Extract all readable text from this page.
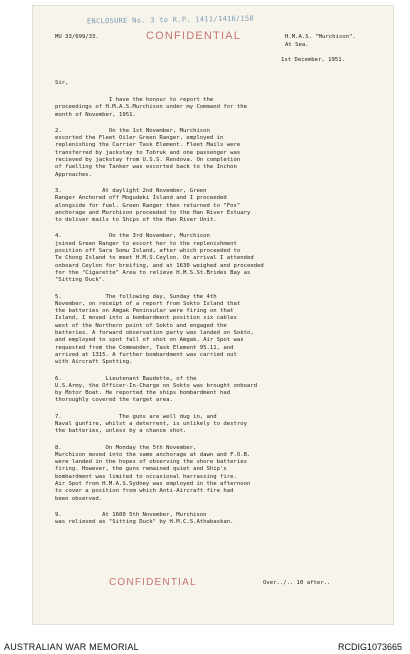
ENCLOSURE No. 3 to R.P. 1411/1416/158
MU 33/699/33.	CONFIDENTIAL	H.M.A.S. "Murchison".
At Sea.
1st December, 1951.
Sir,

I have the honour to report the
proceedings of H.M.A.S.Murchison under my Command for the
month of November, 1951.

2.              On the 1st November, Murchison
escorted the Fleet Oiler Green Ranger, employed in
replenishing the Carrier Task Element. Fleet Mails were
transferred by jackstay to Tobruk and one passenger was
recieved by jackstay from U.S.S. Rendova. On completion
of fuelling the Tanker was escorted back to the Inchon
Approaches.

3.            At daylight 2nd November, Green
Ranger Anchored off Mogudeki Island and I proceeded
alongside for fuel. Green Ranger then returned to "Fox"
anchorage and Murchison proceeded to the Han River Estuary
to deliver mails to Ships of the Han River Unit.

4.              On the 3rd November, Murchison
joined Green Ranger to escort her to the replenishment
position off Sara Somu Island, after which proceeded to
Te Chong Island to meet H.M.S.Ceylon. On arrival I attended
onboard Ceylon for breifing, and at 1630 weighed and proceeded
for the "Cigarette" Area to relieve H.M.S.St.Brides Bay as
"Sitting Duck".

5.             The following day, Sunday the 4th
November, on receipt of a report from Sokto Island that
the batteries on Amgak Peninsular were firing on that
Island, I moved into a bombardment position six cables
west of the Northern point of Sokto and engaged the
batteries. A forward observation party was landed on Sokto,
and employed to spot fall of shot on Amgak. Air Spot was
requested from the Commander, Task Element 95.11, and
arrived at 1315. A further bombardment was carried out
with Aircraft Spotting.

6.             Lieutenant Baudette, of the
U.S.Army, the Officer-In-Charge on Sokto was brought onboard
by Motor Boat. He reported the ships bombardment had
thoroughly covered the target area.

7.                 The guns are well dug in, and
Naval gunfire, whilst a deterrent, is unlikely to destroy
the batteries, unless by a chance shot.

8.             On Monday the 5th November,
Murchison moved into the same anchorage at dawn and F.O.B.
were landed in the hopes of observing the shore batteries
firing. However, the guns remained quiet and Ship's
bombardment was limited to occasional harrassing fire.
Air Spot from H.M.A.S.Sydney was employed in the afternoon
to cover a position from which Anti-Aircraft fire had
been observed.

9.            At 1600 5th November, Murchison
was relieved as "Sitting Duck" by H.M.C.S.Athabaskan.

CONFIDENTIAL	Over../.. 10 after..
AUSTRALIAN WAR MEMORIAL	RCDIG1073665
